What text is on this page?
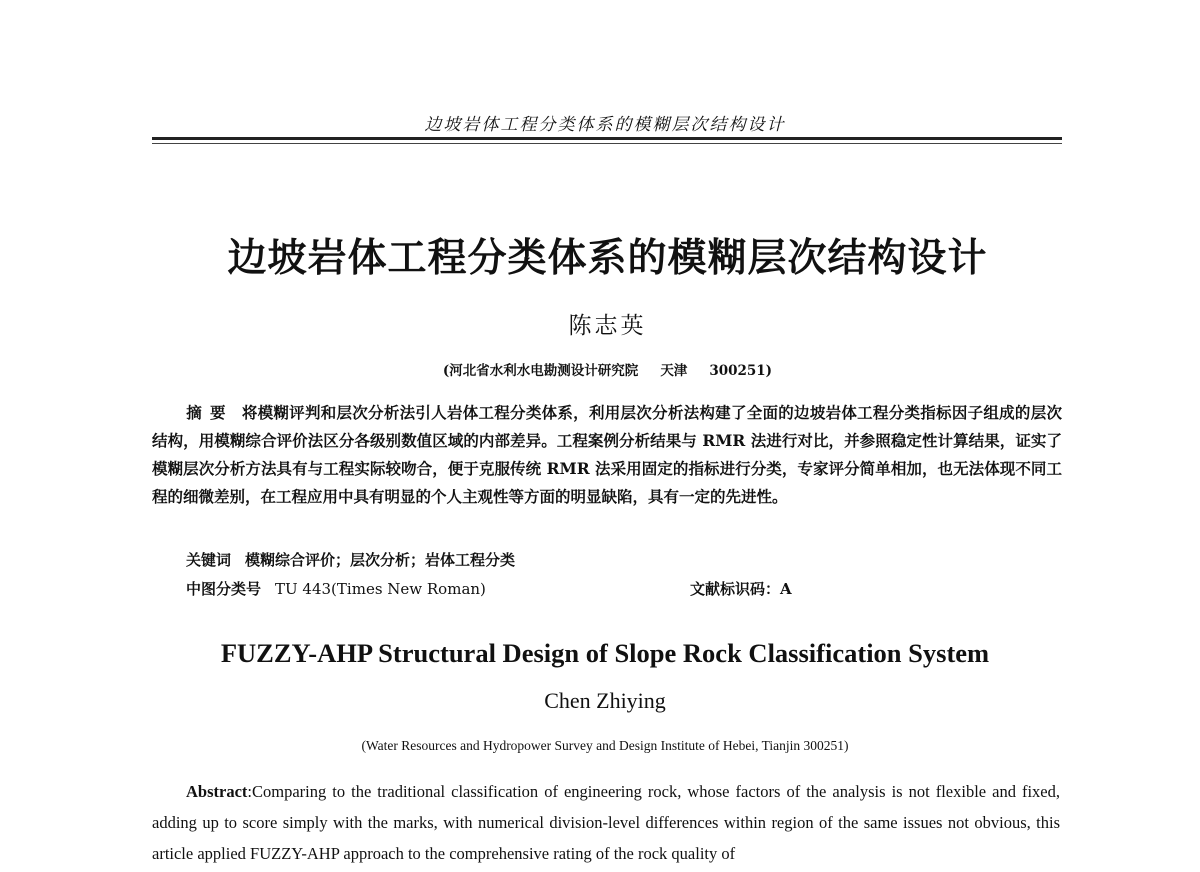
边坡岩体工程分类体系的模糊层次结构设计
边坡岩体工程分类体系的模糊层次结构设计
陈志英
(河北省水利水电勘测设计研究院 天津 300251)
摘要 将模糊评判和层次分析法引人岩体工程分类体系，利用层次分析法构建了全面的边坡岩体工程分类指标因子组成的层次结构，用模糊综合评价法区分各级别数值区域的内部差异。工程案例分析结果与 RMR 法进行对比，并参照稳定性计算结果，证实了模糊层次分析方法具有与工程实际较吻合，便于克服传统 RMR 法采用固定的指标进行分类，专家评分简单相加，也无法体现不同工程的细微差别，在工程应用中具有明显的个人主观性等方面的明显缺陷，具有一定的先进性。
关键词 模糊综合评价；层次分析；岩体工程分类
中图分类号 TU 443(Times New Roman)	文献标识码：A
FUZZY-AHP Structural Design of Slope Rock Classification System
Chen Zhiying
(Water Resources and Hydropower Survey and Design Institute of Hebei, Tianjin 300251)
Abstract:Comparing to the traditional classification of engineering rock, whose factors of the analysis is not flexible and fixed, adding up to score simply with the marks, with numerical division-level differences within region of the same issues not obvious, this article applied FUZZY-AHP approach to the comprehensive rating of the rock quality of
